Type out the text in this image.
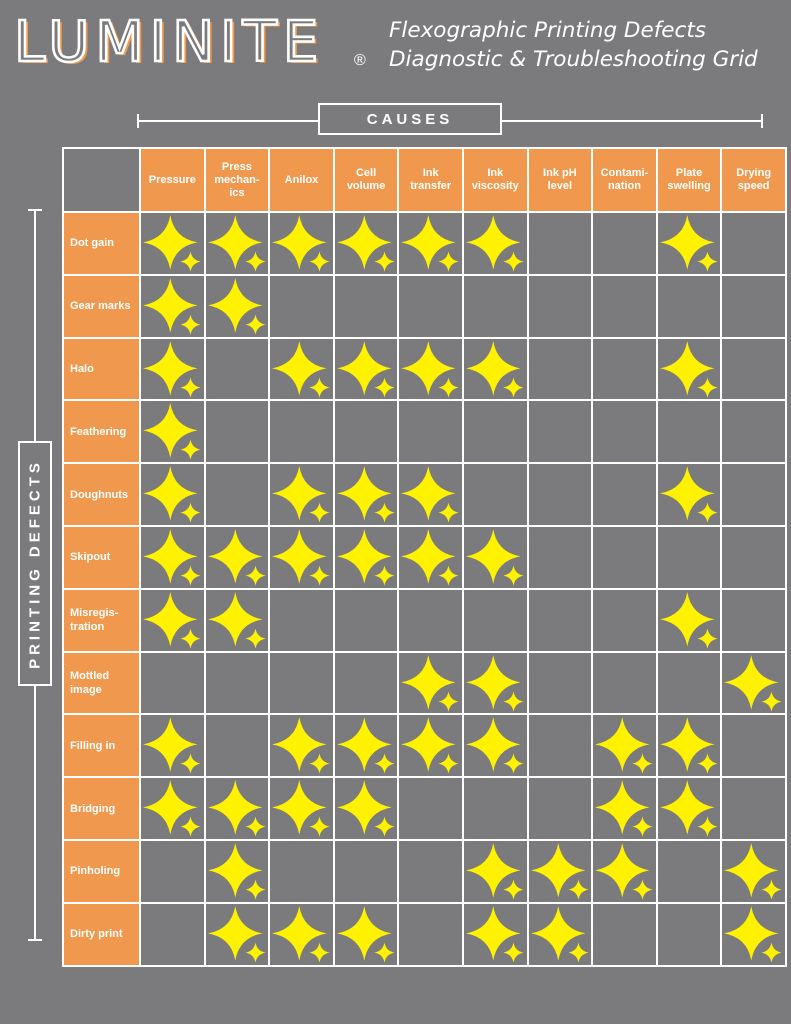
LUMINITE ®
Flexographic Printing Defects
Diagnostic & Troubleshooting Grid
CAUSES
PRINTING DEFECTS
Pressure
Press
mechan-
ics
Anilox
Cell
volume
Ink
transfer
Ink
viscosity
Ink pH
level
Contami-
nation
Plate
swelling
Drying
speed
Dot gain
Gear marks
Halo
Feathering
Doughnuts
Skipout
Misregis-
tration
Mottled
image
Filling in
Bridging
Pinholing
Dirty print
